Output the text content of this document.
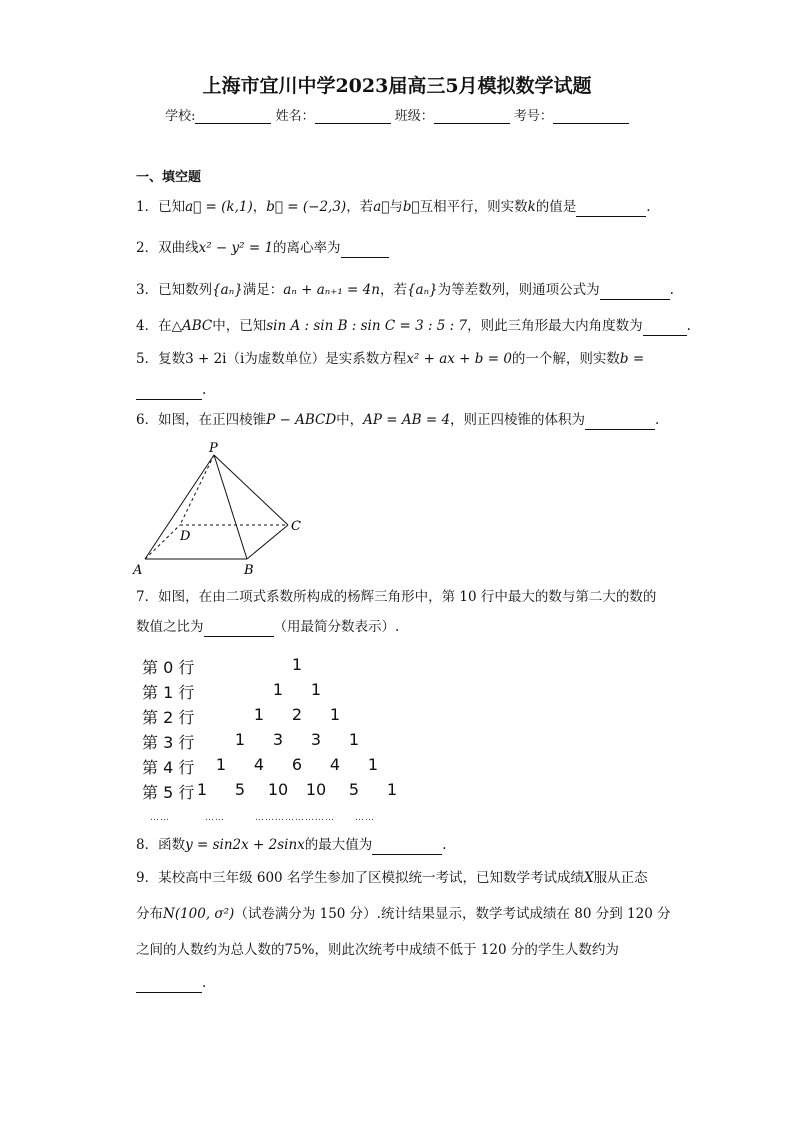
上海市宜川中学2023届高三5月模拟数学试题
学校:	姓名：	班级：	考号：
一、填空题
1．已知a⃗ = (k,1)，b⃗ = (−2,3)，若a⃗与b⃗互相平行，则实数k的值是	.
2．双曲线x² − y² = 1的离心率为
3．已知数列{aₙ}满足：aₙ + aₙ₊₁ = 4n，若{aₙ}为等差数列，则通项公式为	.
4．在△ABC中，已知sin A : sin B : sin C = 3 : 5 : 7，则此三角形最大内角度数为	.
5．复数3 + 2i（i为虚数单位）是实系数方程x² + ax + b = 0的一个解，则实数b =
.
6．如图，在正四棱锥P − ABCD中，AP = AB = 4，则正四棱锥的体积为	.
P
A	B
C
D
7．如图，在由二项式系数所构成的杨辉三角形中，第 10 行中最大的数与第二大的数的
数值之比为	（用最简分数表示）.
第 0 行	1
第 1 行	1	1
第 2 行	1	2	1
第 3 行	1	3	3	1
第 4 行	1	4	6	4	1
第 5 行 1	5	10	10	5	1
……	……	…………………… ……
8．函数y = sin2x + 2sinx的最大值为	.
9．某校高中三年级 600 名学生参加了区模拟统一考试，已知数学考试成绩X服从正态
分布N(100, σ²)（试卷满分为 150 分）.统计结果显示，数学考试成绩在 80 分到 120 分
之间的人数约为总人数的75%，则此次统考中成绩不低于 120 分的学生人数约为
.
